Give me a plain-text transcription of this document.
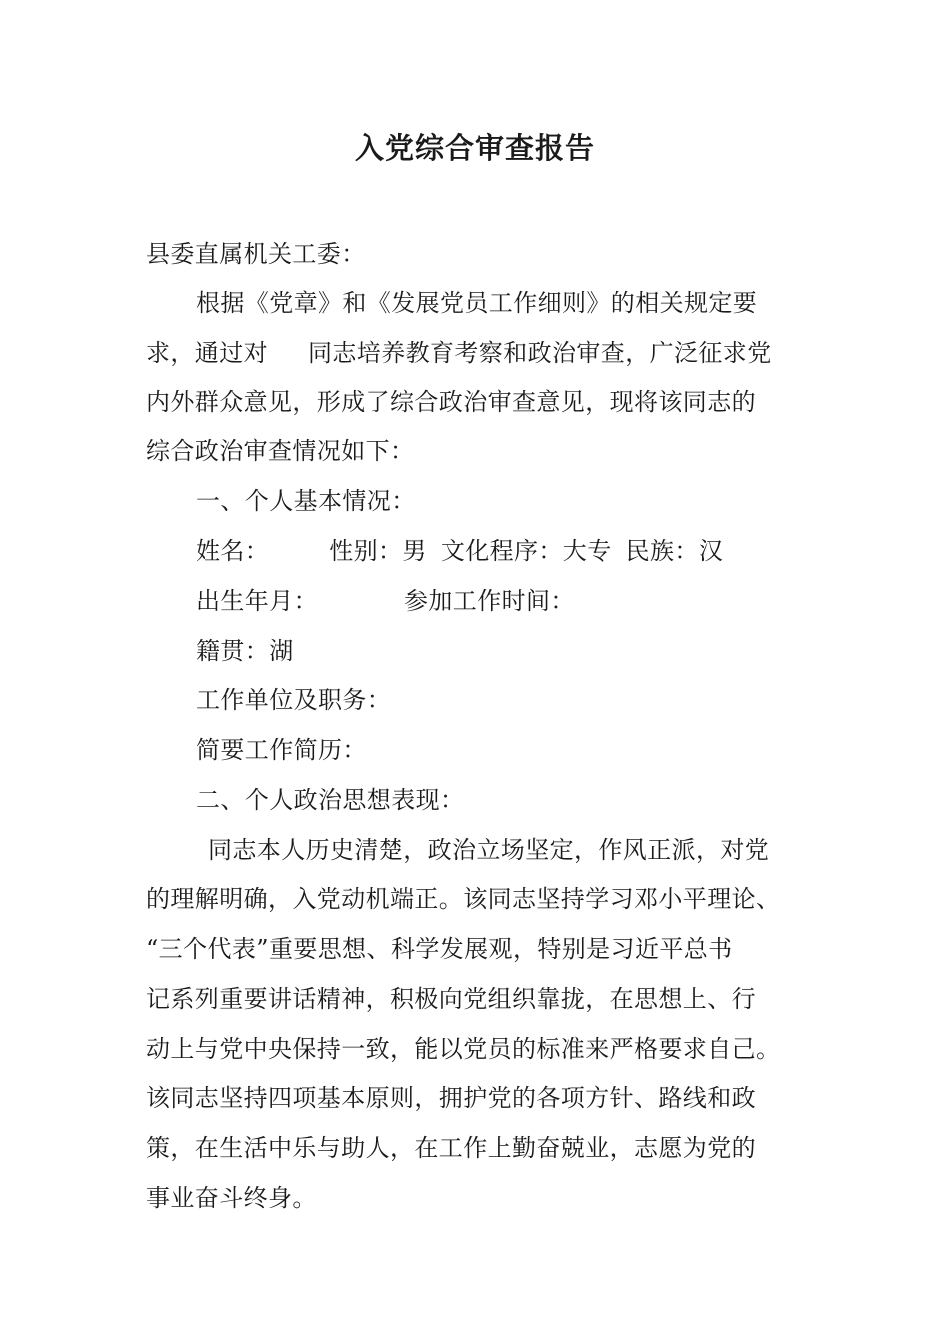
入党综合审查报告
县委直属机关工委：
根据《党章》和《发展党员工作细则》的相关规定要
求，通过对 同志培养教育考察和政治审查，广泛征求党
内外群众意见，形成了综合政治审查意见，现将该同志的
综合政治审查情况如下：
一、个人基本情况：
姓名：	性别：男 文化程序：大专 民族：汉
出生年月：	参加工作时间：
籍贯：湖
工作单位及职务：
简要工作简历：
二、个人政治思想表现：
同志本人历史清楚，政治立场坚定，作风正派，对党
的理解明确，入党动机端正。该同志坚持学习邓小平理论、
“三个代表”重要思想、科学发展观，特别是习近平总书
记系列重要讲话精神，积极向党组织靠拢，在思想上、行
动上与党中央保持一致，能以党员的标准来严格要求自己。
该同志坚持四项基本原则，拥护党的各项方针、路线和政
策，在生活中乐与助人，在工作上勤奋兢业，志愿为党的
事业奋斗终身。
